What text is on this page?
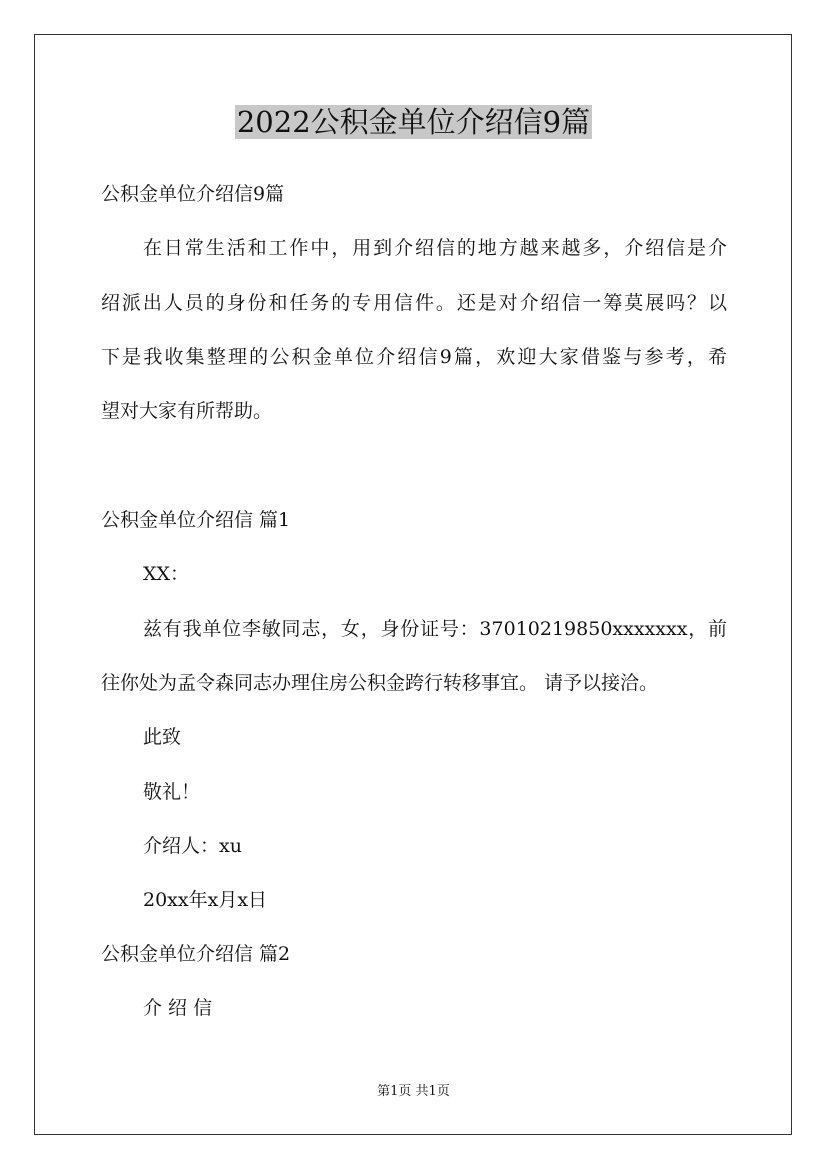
2022公积金单位介绍信9篇

公积金单位介绍信9篇

在日常生活和工作中，用到介绍信的地方越来越多，介绍信是介

绍派出人员的身份和任务的专用信件。还是对介绍信一筹莫展吗？以

下是我收集整理的公积金单位介绍信9篇，欢迎大家借鉴与参考，希

望对大家有所帮助。

公积金单位介绍信 篇1

XX：

兹有我单位李敏同志，女，身份证号：37010219850xxxxxxx，前

往你处为孟令森同志办理住房公积金跨行转移事宜。 请予以接洽。

此致

敬礼！

介绍人：xu

20xx年x月x日

公积金单位介绍信 篇2

介 绍 信

第1页 共1页
